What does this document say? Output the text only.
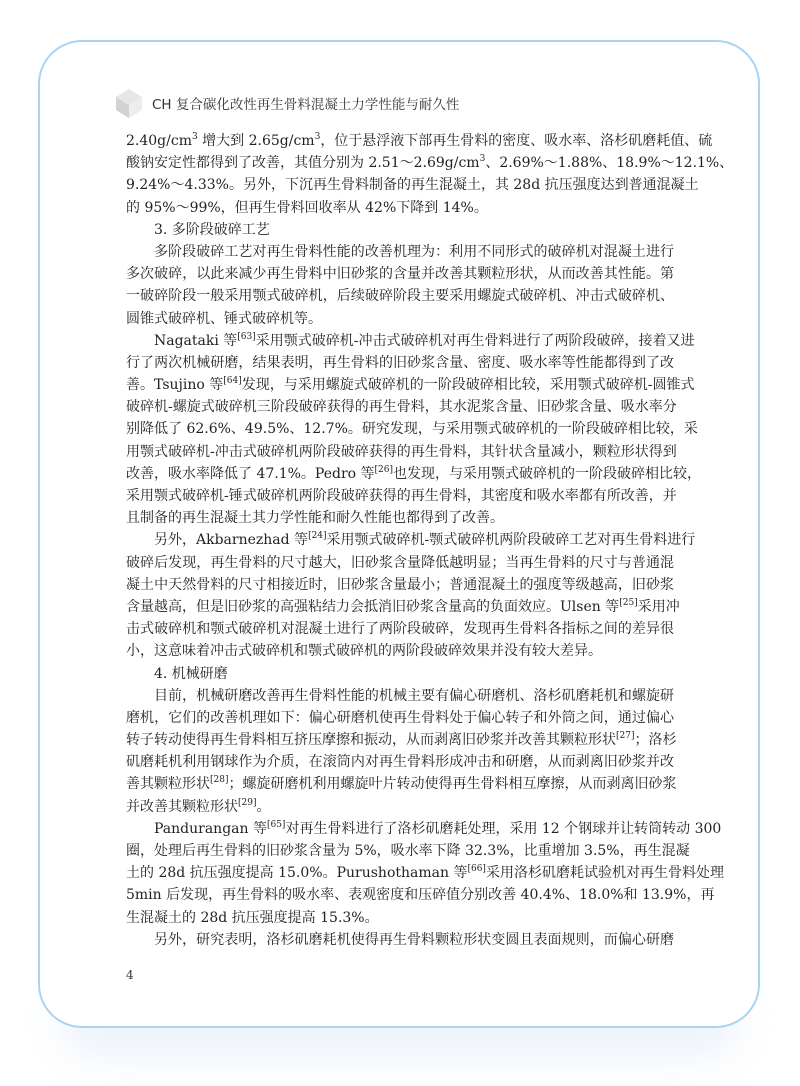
CH 复合碳化改性再生骨料混凝土力学性能与耐久性
$2.40g/cm^3$ 增大到 $2.65g/cm^3$，位于悬浮液下部再生骨料的密度、吸水率、洛杉矶磨耗值、硫
酸钠安定性都得到了改善，其值分别为 $2.51\sim 2.69g/cm^3$、2.69%～1.88%、18.9%～12.1%、
9.24%～4.33%。另外，下沉再生骨料制备的再生混凝土，其 28d 抗压强度达到普通混凝土
的 95%～99%，但再生骨料回收率从 42%下降到 14%。
3. 多阶段破碎工艺
多阶段破碎工艺对再生骨料性能的改善机理为：利用不同形式的破碎机对混凝土进行
多次破碎，以此来减少再生骨料中旧砂浆的含量并改善其颗粒形状，从而改善其性能。第
一破碎阶段一般采用颚式破碎机，后续破碎阶段主要采用螺旋式破碎机、冲击式破碎机、
圆锥式破碎机、锤式破碎机等。
Nagataki 等[63]采用颚式破碎机-冲击式破碎机对再生骨料进行了两阶段破碎，接着又进
行了两次机械研磨，结果表明，再生骨料的旧砂浆含量、密度、吸水率等性能都得到了改
善。Tsujino 等[64]发现，与采用螺旋式破碎机的一阶段破碎相比较，采用颚式破碎机-圆锥式
破碎机-螺旋式破碎机三阶段破碎获得的再生骨料，其水泥浆含量、旧砂浆含量、吸水率分
别降低了 62.6%、49.5%、12.7%。研究发现，与采用颚式破碎机的一阶段破碎相比较，采
用颚式破碎机-冲击式破碎机两阶段破碎获得的再生骨料，其针状含量减小，颗粒形状得到
改善，吸水率降低了 47.1%。Pedro 等[26]也发现，与采用颚式破碎机的一阶段破碎相比较，
采用颚式破碎机-锤式破碎机两阶段破碎获得的再生骨料，其密度和吸水率都有所改善，并
且制备的再生混凝土其力学性能和耐久性能也都得到了改善。
另外，Akbarnezhad 等[24]采用颚式破碎机-颚式破碎机两阶段破碎工艺对再生骨料进行
破碎后发现，再生骨料的尺寸越大，旧砂浆含量降低越明显；当再生骨料的尺寸与普通混
凝土中天然骨料的尺寸相接近时，旧砂浆含量最小；普通混凝土的强度等级越高，旧砂浆
含量越高，但是旧砂浆的高强粘结力会抵消旧砂浆含量高的负面效应。Ulsen 等[25]采用冲
击式破碎机和颚式破碎机对混凝土进行了两阶段破碎，发现再生骨料各指标之间的差异很
小，这意味着冲击式破碎机和颚式破碎机的两阶段破碎效果并没有较大差异。
4. 机械研磨
目前，机械研磨改善再生骨料性能的机械主要有偏心研磨机、洛杉矶磨耗机和螺旋研
磨机，它们的改善机理如下：偏心研磨机使再生骨料处于偏心转子和外筒之间，通过偏心
转子转动使得再生骨料相互挤压摩擦和振动，从而剥离旧砂浆并改善其颗粒形状[27]；洛杉
矶磨耗机利用钢球作为介质，在滚筒内对再生骨料形成冲击和研磨，从而剥离旧砂浆并改
善其颗粒形状[28]；螺旋研磨机利用螺旋叶片转动使得再生骨料相互摩擦，从而剥离旧砂浆
并改善其颗粒形状[29]。
Pandurangan 等[65]对再生骨料进行了洛杉矶磨耗处理，采用 12 个钢球并让转筒转动 300
圈，处理后再生骨料的旧砂浆含量为 5%，吸水率下降 32.3%，比重增加 3.5%，再生混凝
土的 28d 抗压强度提高 15.0%。Purushothaman 等[66]采用洛杉矶磨耗试验机对再生骨料处理
5min 后发现，再生骨料的吸水率、表观密度和压碎值分别改善 40.4%、18.0%和 13.9%，再
生混凝土的 28d 抗压强度提高 15.3%。
另外，研究表明，洛杉矶磨耗机使得再生骨料颗粒形状变圆且表面规则，而偏心研磨
4
